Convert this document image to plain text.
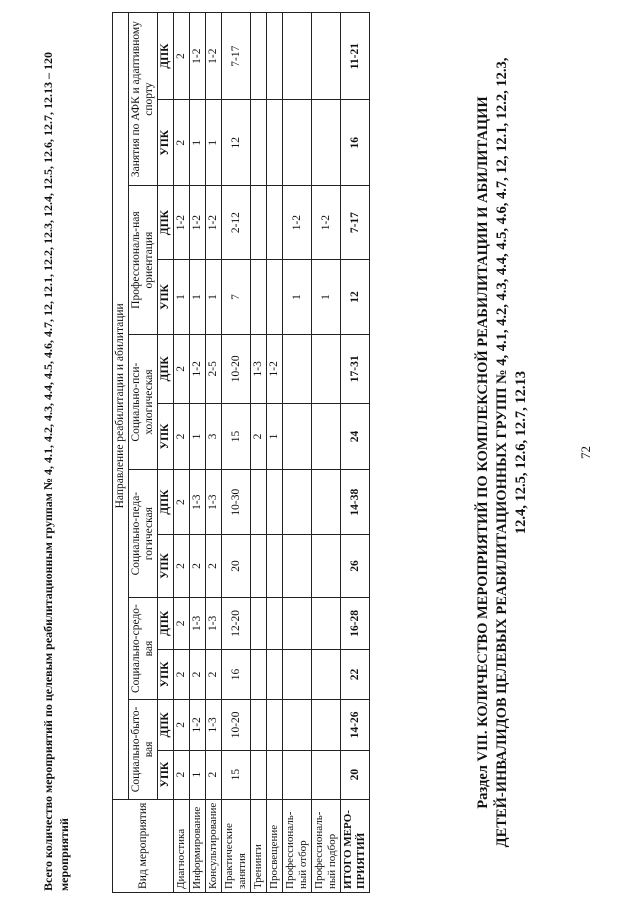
72
Раздел VIII. КОЛИЧЕСТВО МЕРОПРИЯТИЙ ПО КОМПЛЕКСНОЙ РЕАБИЛИТАЦИИ И АБИЛИТАЦИИ ДЕТЕЙ-ИНВАЛИДОВ ЦЕЛЕВЫХ РЕАБИЛИТАЦИОННЫХ ГРУПП № 4, 4.1, 4.2, 4.3, 4.4, 4.5, 4.6, 4.7, 12, 12.1, 12.2, 12.3, 12.4, 12.5, 12.6, 12.7, 12.13
Вид мероприятия	Направление реабилитации и абилитации											
	Социально-быто-вая		Социально-средо-вая		Социально-педа-гогическая		Социально-пси-хологическая		Профессиональ-ная ориентация		Занятия по АФК и адаптивному спорту	
	УПК	ДПК	УПК	ДПК	УПК	ДПК	УПК	ДПК	УПК	ДПК	УПК	ДПК
Диагностика	2	2	2	2	2	2	2	2	1	1-2	2	2
Информирование	1	1-2	2	1-3	2	1-3	1	1-2	1	1-2	1	1-2
Консультирование	2	1-3	2	1-3	2	1-3	3	2-5	1	1-2	1	1-2
Практические занятия	15	10-20	16	12-20	20	10-30	15	10-20	7	2-12	12	7-17
Тренинги							2	1-3				
Просвещение							1	1-2				
Профессиональ-ный отбор									1	1-2		
Профессиональ-ный подбор									1	1-2		
ИТОГО МЕРО-ПРИЯТИЙ	20	14-26	22	16-28	26	14-38	24	17-31	12	7-17	16	11-21
Всего количество мероприятий по целевым реабилитационным группам № 4, 4.1, 4.2, 4.3, 4.4, 4.5, 4.6, 4.7, 12, 12.1, 12.2, 12.3, 12.4, 12.5, 12.6, 12.7, 12.13 – 120 мероприятий
